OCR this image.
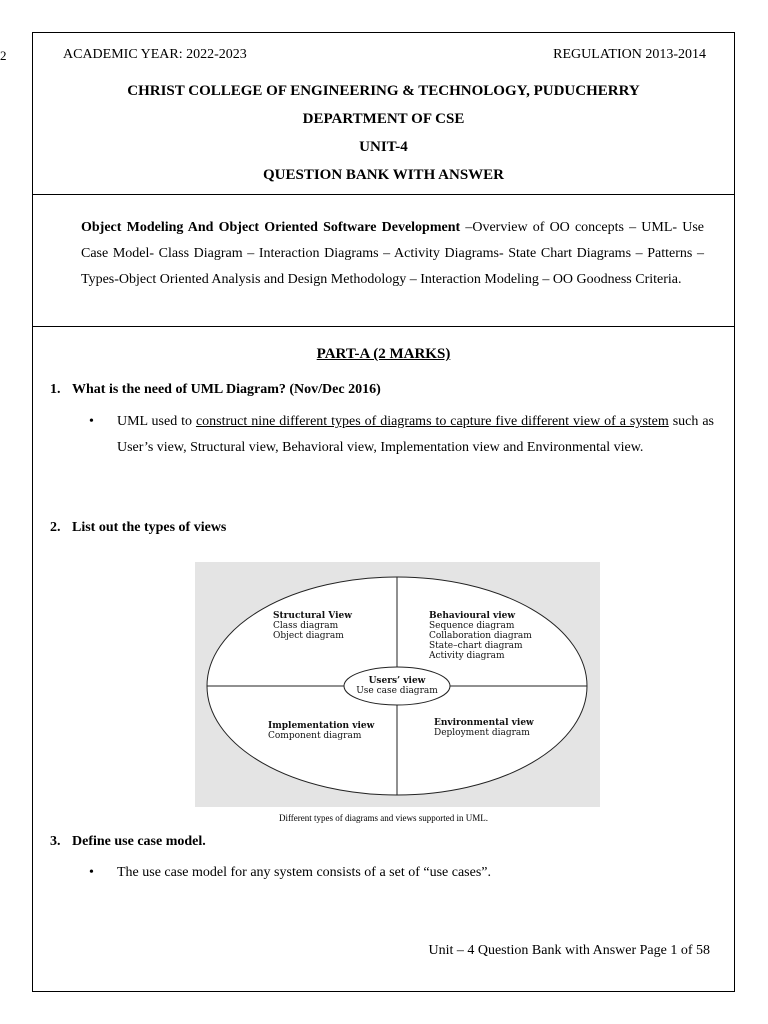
2	ACADEMIC YEAR: 2022-2023	REGULATION 2013-2014
CHRIST COLLEGE OF ENGINEERING & TECHNOLOGY, PUDUCHERRY
DEPARTMENT OF CSE
UNIT-4
QUESTION BANK WITH ANSWER
Object Modeling And Object Oriented Software Development –Overview of OO concepts – UML- Use Case Model- Class Diagram – Interaction Diagrams – Activity Diagrams- State Chart Diagrams – Patterns – Types-Object Oriented Analysis and Design Methodology – Interaction Modeling – OO Goodness Criteria.
PART-A (2 MARKS)
1. What is the need of UML Diagram? (Nov/Dec 2016)
•	UML used to construct nine different types of diagrams to capture five different view of a system such as User’s view, Structural view, Behavioral view, Implementation view and Environmental view.
2. List out the types of views
Structural View
Class diagram
Object diagram
Behavioural view
Sequence diagram
Collaboration diagram
State–chart diagram
Activity diagram
Users’ view
Use case diagram
Implementation view
Component diagram
Environmental view
Deployment diagram
Different types of diagrams and views supported in UML.
3. Define use case model.
•	The use case model for any system consists of a set of “use cases”.
Unit – 4 Question Bank with Answer Page 1 of 58
